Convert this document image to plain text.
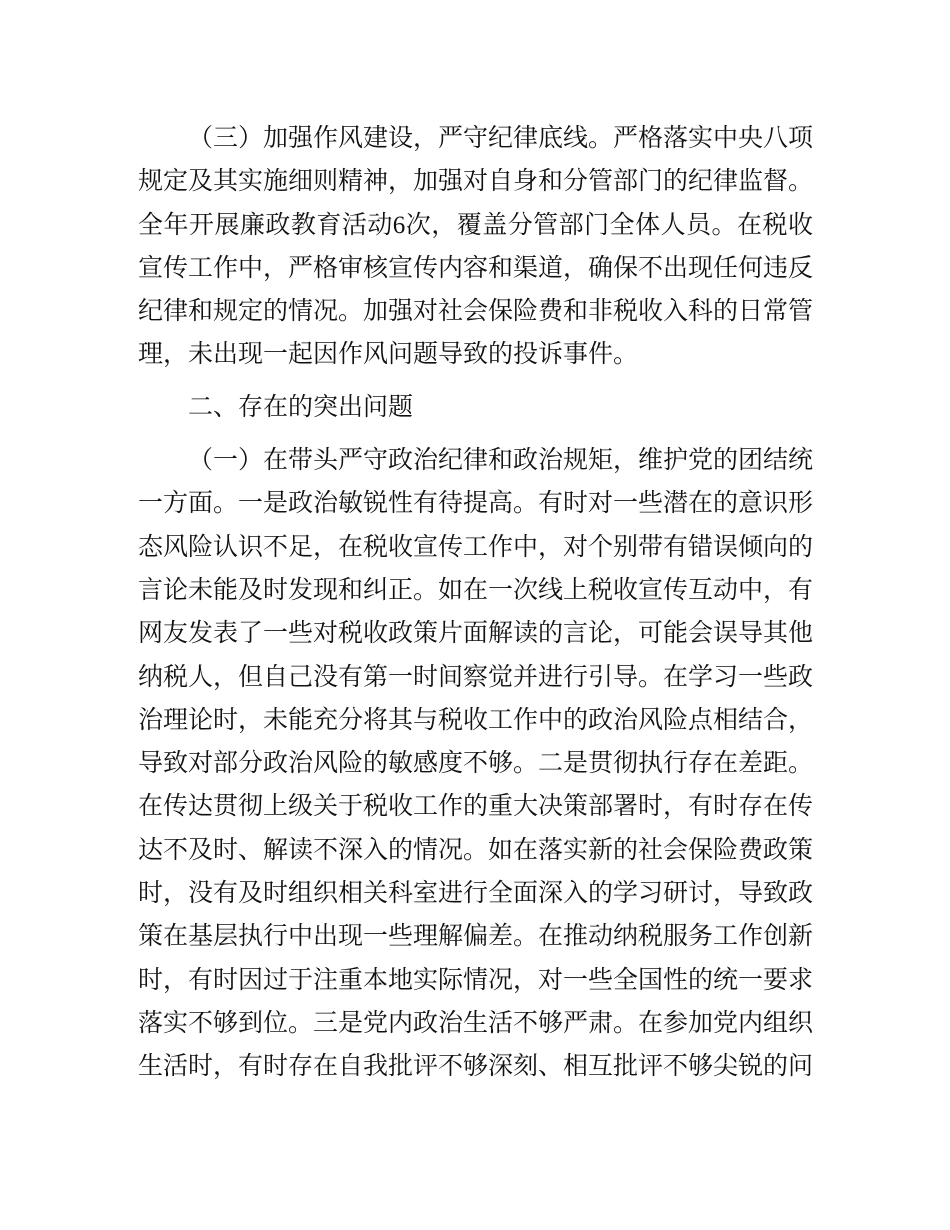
（三）加强作风建设，严守纪律底线。严格落实中央八项规定及其实施细则精神，加强对自身和分管部门的纪律监督。全年开展廉政教育活动6次，覆盖分管部门全体人员。在税收宣传工作中，严格审核宣传内容和渠道，确保不出现任何违反纪律和规定的情况。加强对社会保险费和非税收入科的日常管理，未出现一起因作风问题导致的投诉事件。

二、存在的突出问题

（一）在带头严守政治纪律和政治规矩，维护党的团结统一方面。一是政治敏锐性有待提高。有时对一些潜在的意识形态风险认识不足，在税收宣传工作中，对个别带有错误倾向的言论未能及时发现和纠正。如在一次线上税收宣传互动中，有网友发表了一些对税收政策片面解读的言论，可能会误导其他纳税人，但自己没有第一时间察觉并进行引导。在学习一些政治理论时，未能充分将其与税收工作中的政治风险点相结合，导致对部分政治风险的敏感度不够。二是贯彻执行存在差距。在传达贯彻上级关于税收工作的重大决策部署时，有时存在传达不及时、解读不深入的情况。如在落实新的社会保险费政策时，没有及时组织相关科室进行全面深入的学习研讨，导致政策在基层执行中出现一些理解偏差。在推动纳税服务工作创新时，有时因过于注重本地实际情况，对一些全国性的统一要求落实不够到位。三是党内政治生活不够严肃。在参加党内组织生活时，有时存在自我批评不够深刻、相互批评不够尖锐的问
